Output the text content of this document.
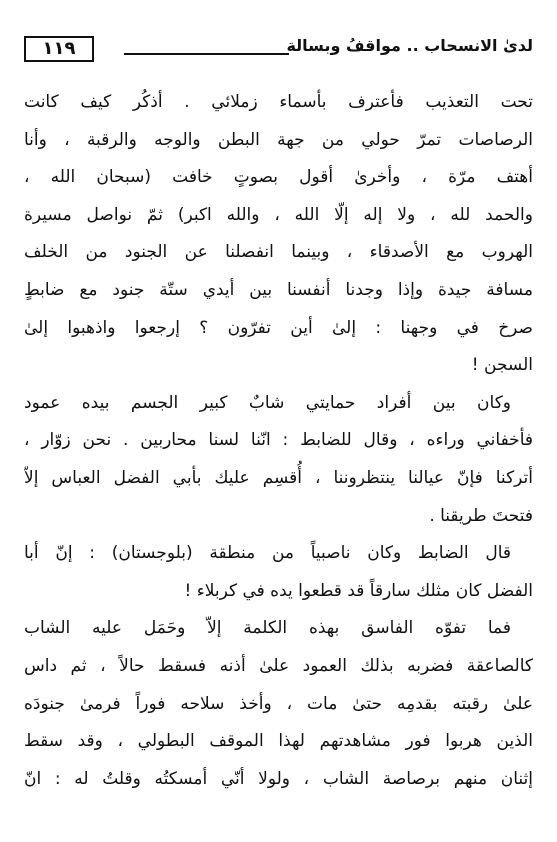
١١٩	لدىٰ الانسحاب .. مواقفُ وبسالة
تحت التعذيب فأعترف بأسماء زملائي . أذكُر كيف كانت
الرصاصات تمرّ حولي من جهة البطن والوجه والرقبة ، وأنا
أهتف مرّة ، وأخرىٰ أقول بصوتٍ خافت (سبحان الله ،
والحمد لله ، ولا إله إلّا الله ، والله اكبر) ثمّ نواصل مسيرة
الهروب مع الأصدقاء ، وبينما انفصلنا عن الجنود من الخلف
مسافة جيدة وإذا وجدنا أنفسنا بين أيدي ستّة جنود مع ضابطٍ
صرخ في وجهنا : إلىٰ أين تفرّون ؟ إرجعوا واذهبوا إلىٰ
السجن !
وكان بين أفراد حمايتي شابٌ كبير الجسم بيده عمود
فأخفاني وراءه ، وقال للضابط : انّنا لسنا محاربين . نحن زوّار ،
أتركنا فإنّ عيالنا ينتظروننا ، أُقسِم عليك بأبي الفضل العباس إلاّ
فتحتَ طريقنا .
قال الضابط وكان ناصبياً من منطقة (بلوجستان) : إنّ أبا
الفضل كان مثلك سارقاً قد قطعوا يده في كربلاء !
فما تفوّه الفاسق بهذه الكلمة إلاّ وحَمَل عليه الشاب
كالصاعقة فضربه بذلك العمود علىٰ أذنه فسقط حالاً ، ثم داس
علىٰ رقبته بقدمِه حتىٰ مات ، وأخذ سلاحه فوراً فرمىٰ جنودَه
الذين هربوا فور مشاهدتهم لهذا الموقف البطولي ، وقد سقط
إثنان منهم برصاصة الشاب ، ولولا أنّي أمسكتُه وقلتُ له : انّ
